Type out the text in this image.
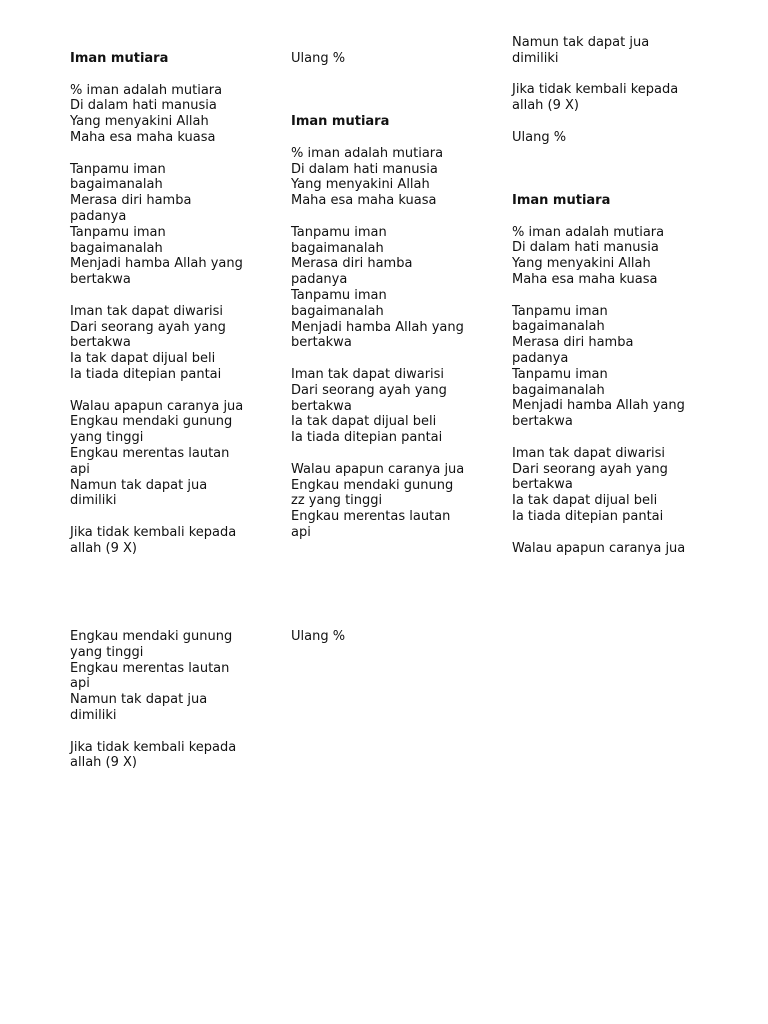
Iman mutiara
% iman adalah mutiara
Di dalam hati manusia
Yang menyakini Allah
Maha esa maha kuasa
Tanpamu iman
bagaimanalah
Merasa diri hamba
padanya
Tanpamu iman
bagaimanalah
Menjadi hamba Allah yang
bertakwa
Iman tak dapat diwarisi
Dari seorang ayah yang
bertakwa
Ia tak dapat dijual beli
Ia tiada ditepian pantai
Walau apapun caranya jua
Engkau mendaki gunung
yang tinggi
Engkau merentas lautan
api
Namun tak dapat jua
dimiliki
Jika tidak kembali kepada
allah (9 X)
Ulang %
Iman mutiara
% iman adalah mutiara
Di dalam hati manusia
Yang menyakini Allah
Maha esa maha kuasa
Tanpamu iman
bagaimanalah
Merasa diri hamba
padanya
Tanpamu iman
bagaimanalah
Menjadi hamba Allah yang
bertakwa
Iman tak dapat diwarisi
Dari seorang ayah yang
bertakwa
Ia tak dapat dijual beli
Ia tiada ditepian pantai
Walau apapun caranya jua
Engkau mendaki gunung
zz yang tinggi
Engkau merentas lautan
api
Namun tak dapat jua
dimiliki
Jika tidak kembali kepada
allah (9 X)
Ulang %
Iman mutiara
% iman adalah mutiara
Di dalam hati manusia
Yang menyakini Allah
Maha esa maha kuasa
Tanpamu iman
bagaimanalah
Merasa diri hamba
padanya
Tanpamu iman
bagaimanalah
Menjadi hamba Allah yang
bertakwa
Iman tak dapat diwarisi
Dari seorang ayah yang
bertakwa
Ia tak dapat dijual beli
Ia tiada ditepian pantai
Walau apapun caranya jua
Engkau mendaki gunung
yang tinggi
Engkau merentas lautan
api
Namun tak dapat jua
dimiliki
Jika tidak kembali kepada
allah (9 X)
Ulang %
